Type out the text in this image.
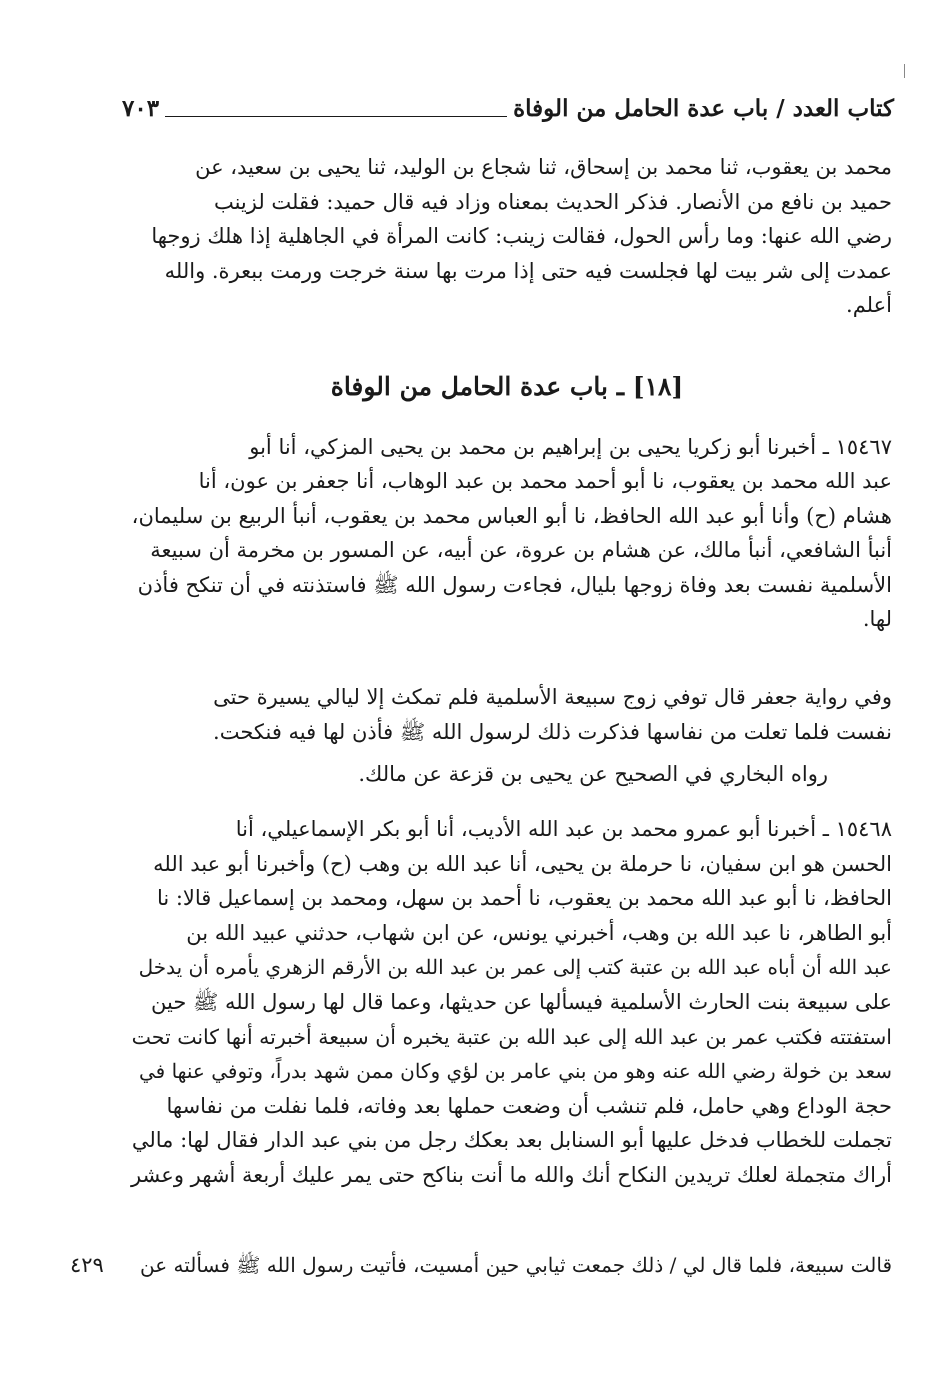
كتاب العدد / باب عدة الحامل من الوفاة
٧٠٣
محمد بن يعقوب، ثنا محمد بن إسحاق، ثنا شجاع بن الوليد، ثنا يحيى بن سعيد، عن
حميد بن نافع من الأنصار. فذكر الحديث بمعناه وزاد فيه قال حميد: فقلت لزينب
رضي الله عنها: وما رأس الحول، فقالت زينب: كانت المرأة في الجاهلية إذا هلك زوجها
عمدت إلى شر بيت لها فجلست فيه حتى إذا مرت بها سنة خرجت ورمت ببعرة. والله
أعلم.
[١٨] ـ باب عدة الحامل من الوفاة
١٥٤٦٧ ـ أخبرنا أبو زكريا يحيى بن إبراهيم بن محمد بن يحيى المزكي، أنا أبو
عبد الله محمد بن يعقوب، نا أبو أحمد محمد بن عبد الوهاب، أنا جعفر بن عون، أنا
هشام (ح) وأنا أبو عبد الله الحافظ، نا أبو العباس محمد بن يعقوب، أنبأ الربيع بن سليمان،
أنبأ الشافعي، أنبأ مالك، عن هشام بن عروة، عن أبيه، عن المسور بن مخرمة أن سبيعة
الأسلمية نفست بعد وفاة زوجها بليال، فجاءت رسول الله ﷺ فاستذنته في أن تنكح فأذن
لها.
وفي رواية جعفر قال توفي زوج سبيعة الأسلمية فلم تمكث إلا ليالي يسيرة حتى
نفست فلما تعلت من نفاسها فذكرت ذلك لرسول الله ﷺ فأذن لها فيه فنكحت.
رواه البخاري في الصحيح عن يحيى بن قزعة عن مالك.
١٥٤٦٨ ـ أخبرنا أبو عمرو محمد بن عبد الله الأديب، أنا أبو بكر الإسماعيلي، أنا
الحسن هو ابن سفيان، نا حرملة بن يحيى، أنا عبد الله بن وهب (ح) وأخبرنا أبو عبد الله
الحافظ، نا أبو عبد الله محمد بن يعقوب، نا أحمد بن سهل، ومحمد بن إسماعيل قالا: نا
أبو الطاهر، نا عبد الله بن وهب، أخبرني يونس، عن ابن شهاب، حدثني عبيد الله بن
عبد الله أن أباه عبد الله بن عتبة كتب إلى عمر بن عبد الله بن الأرقم الزهري يأمره أن يدخل
على سبيعة بنت الحارث الأسلمية فيسألها عن حديثها، وعما قال لها رسول الله ﷺ حين
استفتته فكتب عمر بن عبد الله إلى عبد الله بن عتبة يخبره أن سبيعة أخبرته أنها كانت تحت
سعد بن خولة رضي الله عنه وهو من بني عامر بن لؤي وكان ممن شهد بدراً، وتوفي عنها في
حجة الوداع وهي حامل، فلم تنشب أن وضعت حملها بعد وفاته، فلما نفلت من نفاسها
تجملت للخطاب فدخل عليها أبو السنابل بعد بعكك رجل من بني عبد الدار فقال لها: مالي
أراك متجملة لعلك تريدين النكاح أنك والله ما أنت بناكح حتى يمر عليك أربعة أشهر وعشر
قالت سبيعة، فلما قال لي / ذلك جمعت ثيابي حين أمسيت، فأتيت رسول الله ﷺ فسألته عن
٤٢٩
